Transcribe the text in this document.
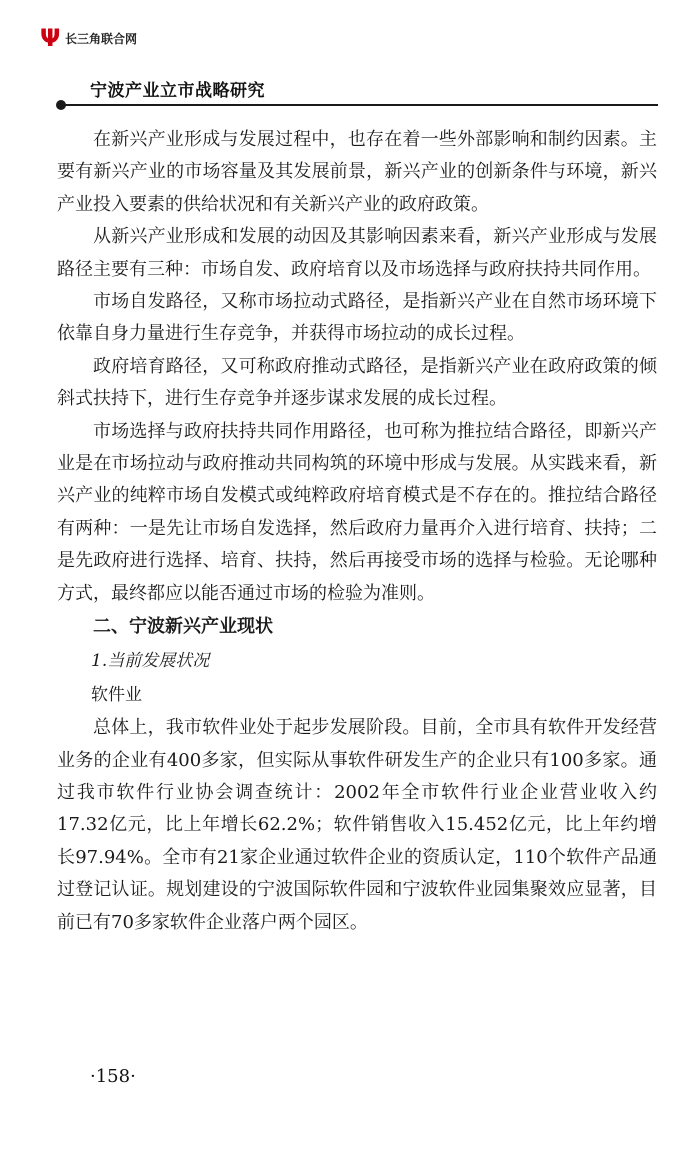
Ψ 长三角联合网
宁波产业立市战略研究

在新兴产业形成与发展过程中，也存在着一些外部影响和制约因素。主要有新兴产业的市场容量及其发展前景，新兴产业的创新条件与环境，新兴产业投入要素的供给状况和有关新兴产业的政府政策。

从新兴产业形成和发展的动因及其影响因素来看，新兴产业形成与发展路径主要有三种：市场自发、政府培育以及市场选择与政府扶持共同作用。

市场自发路径，又称市场拉动式路径，是指新兴产业在自然市场环境下依靠自身力量进行生存竞争，并获得市场拉动的成长过程。

政府培育路径，又可称政府推动式路径，是指新兴产业在政府政策的倾斜式扶持下，进行生存竞争并逐步谋求发展的成长过程。

市场选择与政府扶持共同作用路径，也可称为推拉结合路径，即新兴产业是在市场拉动与政府推动共同构筑的环境中形成与发展。从实践来看，新兴产业的纯粹市场自发模式或纯粹政府培育模式是不存在的。推拉结合路径有两种：一是先让市场自发选择，然后政府力量再介入进行培育、扶持；二是先政府进行选择、培育、扶持，然后再接受市场的选择与检验。无论哪种方式，最终都应以能否通过市场的检验为准则。

二、宁波新兴产业现状
1.当前发展状况
软件业

总体上，我市软件业处于起步发展阶段。目前，全市具有软件开发经营业务的企业有400多家，但实际从事软件研发生产的企业只有100多家。通过我市软件行业协会调查统计：2002年全市软件行业企业营业收入约17.32亿元，比上年增长62.2%；软件销售收入15.452亿元，比上年约增长97.94%。全市有21家企业通过软件企业的资质认定，110个软件产品通过登记认证。规划建设的宁波国际软件园和宁波软件业园集聚效应显著，目前已有70多家软件企业落户两个园区。

·158·
